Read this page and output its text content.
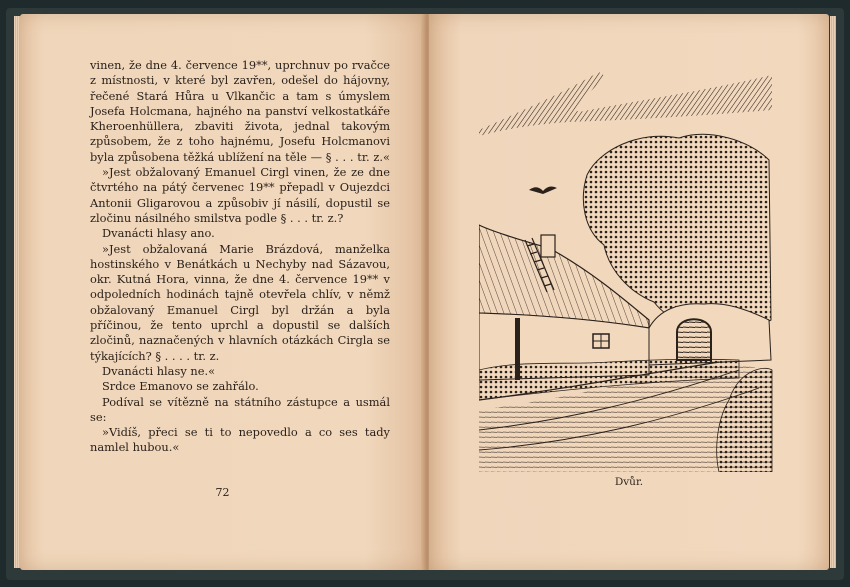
vinen, že dne 4. července 19**, uprchnuv po rvačce z místnosti, v které byl zavřen, odešel do hájovny, řečené Stará Hůra u Vlkančic a tam s úmyslem Josefa Holcmana, hajného na panství velkostatkáře Kheroenhüllera, zbaviti života, jednal takovým způsobem, že z toho hajnému, Josefu Holcmanovi byla způsobena těžká ublížení na těle — § . . . tr. z.«

»Jest obžalovaný Emanuel Cirgl vinen, že ze dne čtvrtého na pátý červenec 19** přepadl v Oujezdci Antonii Gligarovou a způsobiv jí násilí, dopustil se zločinu násilného smilstva podle § . . . tr. z.?

Dvanácti hlasy ano.

»Jest obžalovaná Marie Brázdová, manželka hostinského v Benátkách u Nechyby nad Sázavou, okr. Kutná Hora, vinna, že dne 4. července 19** v odpoledních hodinách tajně otevřela chlív, v němž obžalovaný Emanuel Cirgl byl držán a byla příčinou, že tento uprchl a dopustil se dalších zločinů, naznačených v hlavních otázkách Cirgla se týkajících? § . . . . tr. z.

Dvanácti hlasy ne.«

Srdce Emanovo se zahřálo.

Podíval se vítězně na státního zástupce a usmál se:

»Vidíš, přeci se ti to nepovedlo a co ses tady namlel hubou.«

72
Dvůr.
